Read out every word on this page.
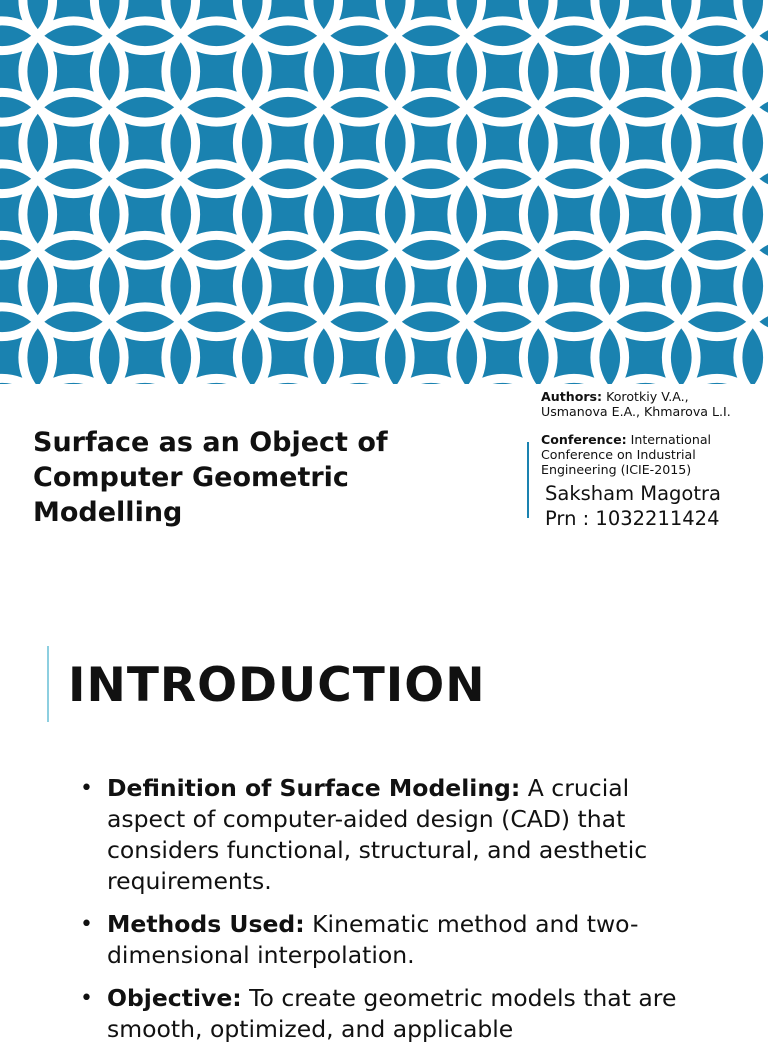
Surface as an Object of
Computer Geometric
Modelling
Authors: Korotkiy V.A.,
Usmanova E.A., Khmarova L.I.
Conference: International
Conference on Industrial
Engineering (ICIE-2015)
Saksham Magotra
Prn : 1032211424
INTRODUCTION
• Definition of Surface Modeling: A crucial aspect of computer-aided design (CAD) that considers functional, structural, and aesthetic requirements.
• Methods Used: Kinematic method and two-dimensional interpolation.
• Objective: To create geometric models that are smooth, optimized, and applicable
